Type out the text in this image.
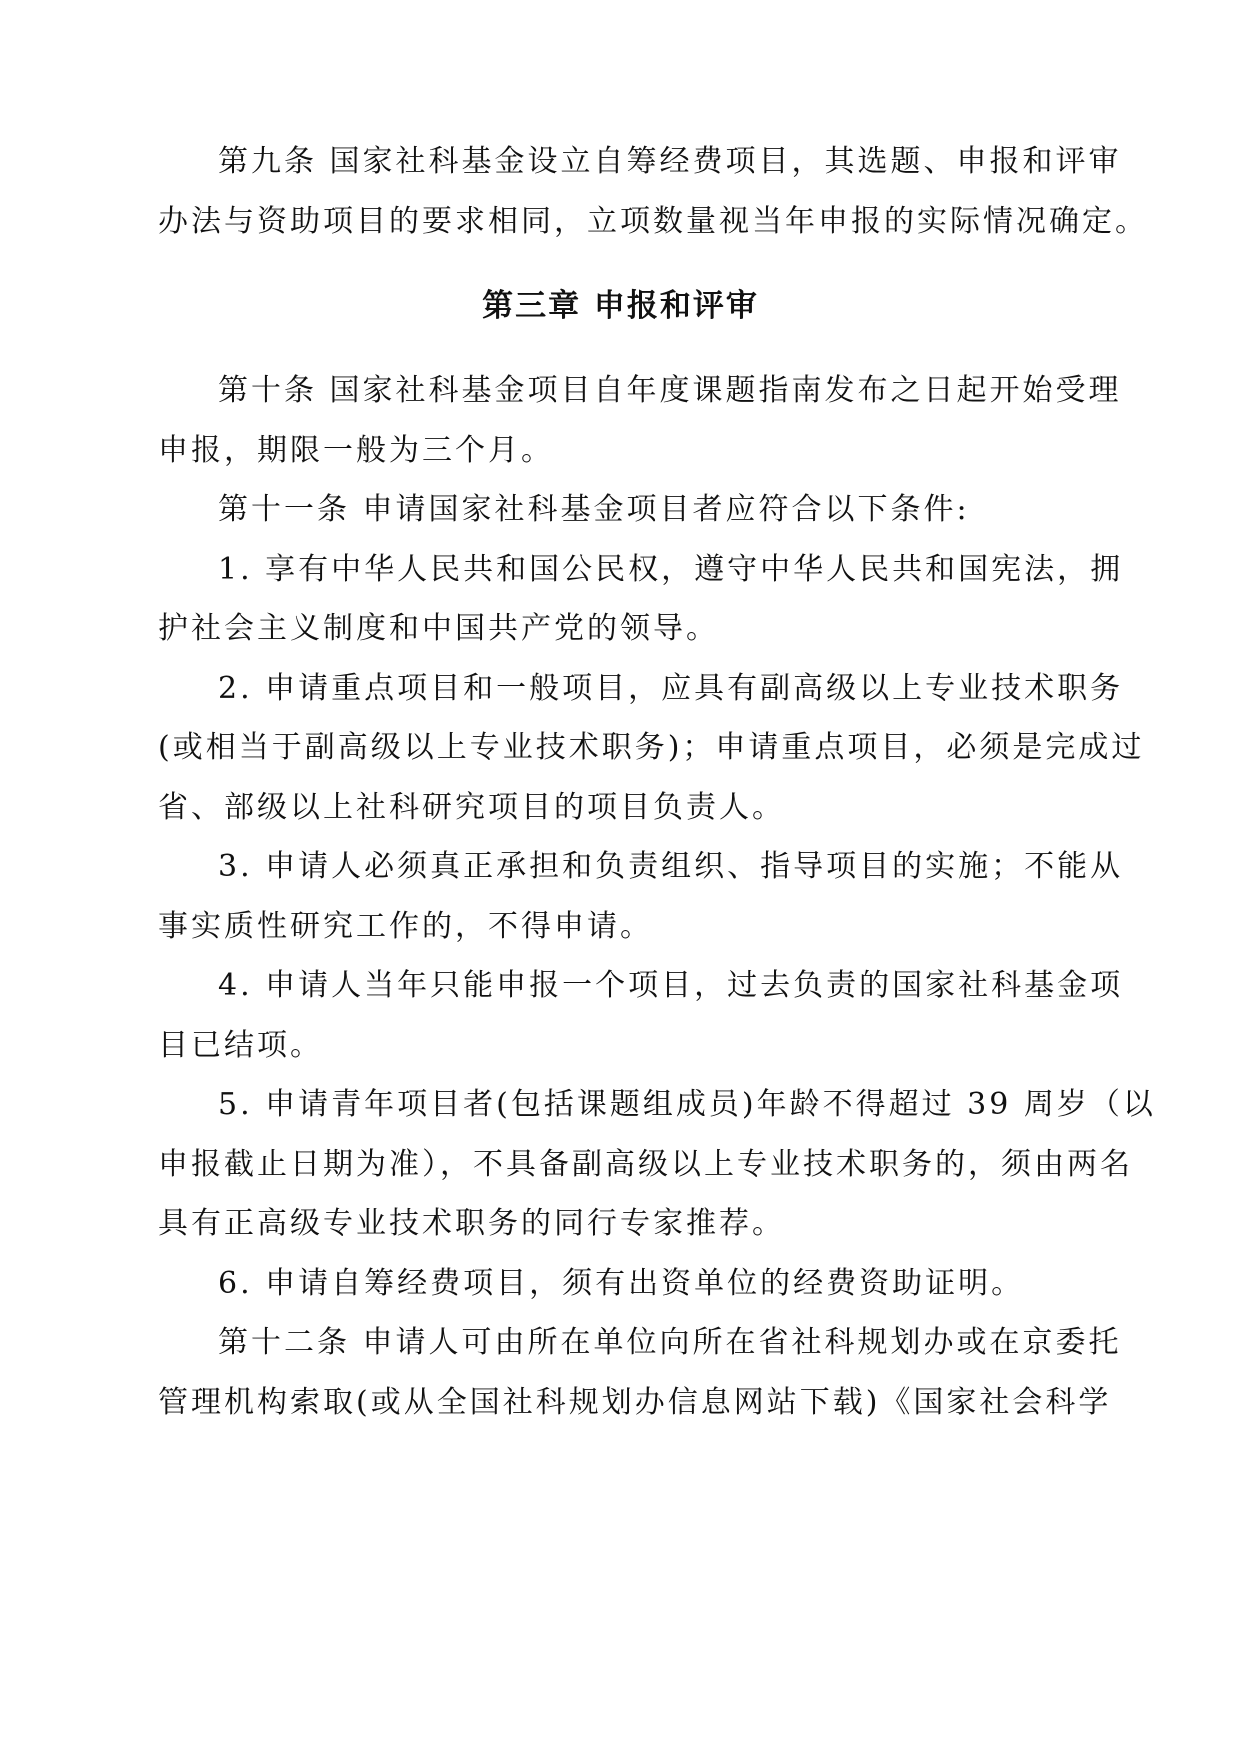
第九条 国家社科基金设立自筹经费项目，其选题、申报和评审
办法与资助项目的要求相同，立项数量视当年申报的实际情况确定。
第三章 申报和评审
第十条 国家社科基金项目自年度课题指南发布之日起开始受理
申报，期限一般为三个月。
第十一条 申请国家社科基金项目者应符合以下条件:
1. 享有中华人民共和国公民权，遵守中华人民共和国宪法，拥
护社会主义制度和中国共产党的领导。
2. 申请重点项目和一般项目，应具有副高级以上专业技术职务
(或相当于副高级以上专业技术职务)；申请重点项目，必须是完成过
省、部级以上社科研究项目的项目负责人。
3. 申请人必须真正承担和负责组织、指导项目的实施；不能从
事实质性研究工作的，不得申请。
4. 申请人当年只能申报一个项目，过去负责的国家社科基金项
目已结项。
5. 申请青年项目者(包括课题组成员)年龄不得超过 39 周岁（以
申报截止日期为准），不具备副高级以上专业技术职务的，须由两名
具有正高级专业技术职务的同行专家推荐。
6. 申请自筹经费项目，须有出资单位的经费资助证明。
第十二条 申请人可由所在单位向所在省社科规划办或在京委托
管理机构索取(或从全国社科规划办信息网站下载)《国家社会科学
